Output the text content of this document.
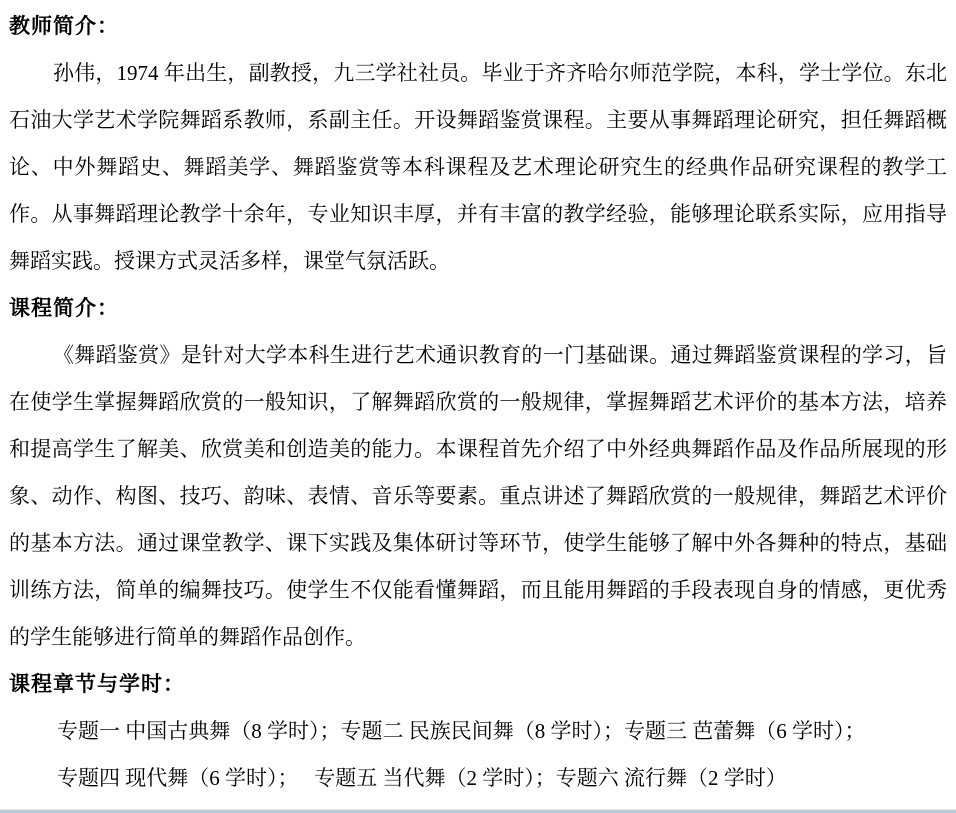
教师简介：

孙伟，1974 年出生，副教授，九三学社社员。毕业于齐齐哈尔师范学院，本科，学士学位。东北石油大学艺术学院舞蹈系教师，系副主任。开设舞蹈鉴赏课程。主要从事舞蹈理论研究，担任舞蹈概论、中外舞蹈史、舞蹈美学、舞蹈鉴赏等本科课程及艺术理论研究生的经典作品研究课程的教学工作。从事舞蹈理论教学十余年，专业知识丰厚，并有丰富的教学经验，能够理论联系实际，应用指导舞蹈实践。授课方式灵活多样，课堂气氛活跃。

课程简介：

《舞蹈鉴赏》是针对大学本科生进行艺术通识教育的一门基础课。通过舞蹈鉴赏课程的学习，旨在使学生掌握舞蹈欣赏的一般知识，了解舞蹈欣赏的一般规律，掌握舞蹈艺术评价的基本方法，培养和提高学生了解美、欣赏美和创造美的能力。本课程首先介绍了中外经典舞蹈作品及作品所展现的形象、动作、构图、技巧、韵味、表情、音乐等要素。重点讲述了舞蹈欣赏的一般规律，舞蹈艺术评价的基本方法。通过课堂教学、课下实践及集体研讨等环节，使学生能够了解中外各舞种的特点，基础训练方法，简单的编舞技巧。使学生不仅能看懂舞蹈，而且能用舞蹈的手段表现自身的情感，更优秀的学生能够进行简单的舞蹈作品创作。

课程章节与学时：

专题一 中国古典舞（8 学时）；专题二 民族民间舞（8 学时）；专题三 芭蕾舞（6 学时）；

专题四 现代舞（6 学时）；   专题五 当代舞（2 学时）；专题六 流行舞（2 学时）
